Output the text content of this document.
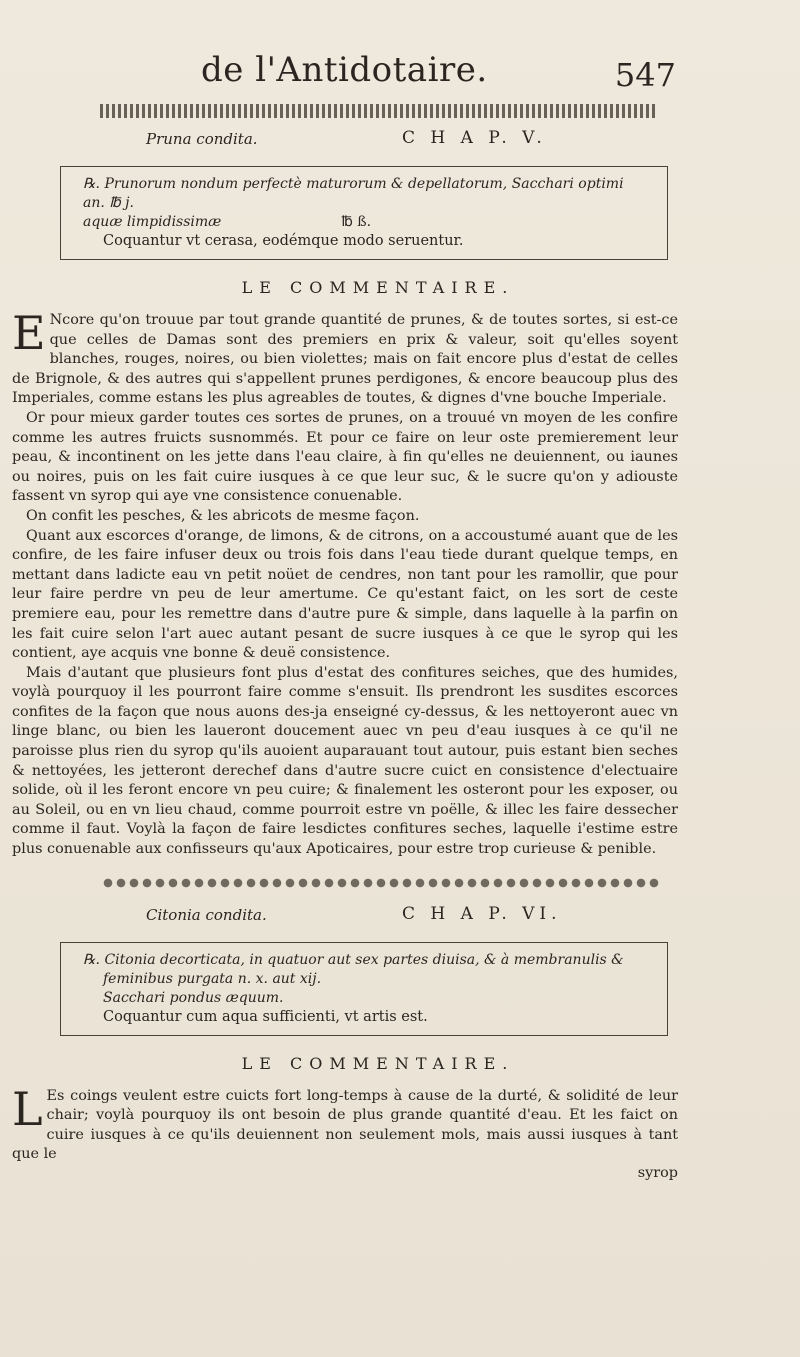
de l'Antidotaire.	547
Pruna condita.	C H A P. V.
℞. Prunorum nondum perfectè maturorum & depellatorum, Sacchari optimi
an. ℔ j.
aquæ limpidissimæ	℔ ß.
Coquantur vt cerasa, eodémque modo seruentur.
LE COMMENTAIRE.

E Ncore qu'on trouue par tout grande quantité de prunes, & de toutes sortes, si est-ce que celles de Damas sont des premiers en prix & valeur, soit qu'elles soyent blanches, rouges, noires, ou bien violettes; mais on fait encore plus d'estat de celles de Brignole, & des autres qui s'appellent prunes perdigones, & encore beaucoup plus des Imperiales, comme estans les plus agreables de toutes, & dignes d'vne bouche Imperiale.

Or pour mieux garder toutes ces sortes de prunes, on a trouué vn moyen de les confire comme les autres fruicts susnommés. Et pour ce faire on leur oste premierement leur peau, & incontinent on les jette dans l'eau claire, à fin qu'elles ne deuiennent, ou iaunes ou noires, puis on les fait cuire iusques à ce que leur suc, & le sucre qu'on y adiouste fassent vn syrop qui aye vne consistence conuenable.

On confit les pesches, & les abricots de mesme façon.

Quant aux escorces d'orange, de limons, & de citrons, on a accoustumé auant que de les confire, de les faire infuser deux ou trois fois dans l'eau tiede durant quelque temps, en mettant dans ladicte eau vn petit noüet de cendres, non tant pour les ramollir, que pour leur faire perdre vn peu de leur amertume. Ce qu'estant faict, on les sort de ceste premiere eau, pour les remettre dans d'autre pure & simple, dans laquelle à la parfin on les fait cuire selon l'art auec autant pesant de sucre iusques à ce que le syrop qui les contient, aye acquis vne bonne & deuë consistence.

Mais d'autant que plusieurs font plus d'estat des confitures seiches, que des humides, voylà pourquoy il les pourront faire comme s'ensuit. Ils prendront les susdites escorces confites de la façon que nous auons des-ja enseigné cy-dessus, & les nettoyeront auec vn linge blanc, ou bien les laueront doucement auec vn peu d'eau iusques à ce qu'il ne paroisse plus rien du syrop qu'ils auoient auparauant tout autour, puis estant bien seches & nettoyées, les jetteront derechef dans d'autre sucre cuict en consistence d'electuaire solide, où il les feront encore vn peu cuire; & finalement les osteront pour les exposer, ou au Soleil, ou en vn lieu chaud, comme pourroit estre vn poëlle, & illec les faire dessecher comme il faut. Voylà la façon de faire lesdictes confitures seches, laquelle i'estime estre plus conuenable aux confisseurs qu'aux Apoticaires, pour estre trop curieuse & penible.

Citonia condita.	C H A P. VI.
℞. Citonia decorticata, in quatuor aut sex partes diuisa, & à membranulis &
feminibus purgata n. x. aut xij.
Sacchari pondus æquum.
Coquantur cum aqua sufficienti, vt artis est.
LE COMMENTAIRE.

L Es coings veulent estre cuicts fort long-temps à cause de la durté, & solidité de leur chair; voylà pourquoy ils ont besoin de plus grande quantité d'eau. Et les faict on cuire iusques à ce qu'ils deuiennent non seulement mols, mais aussi iusques à tant que le

syrop
